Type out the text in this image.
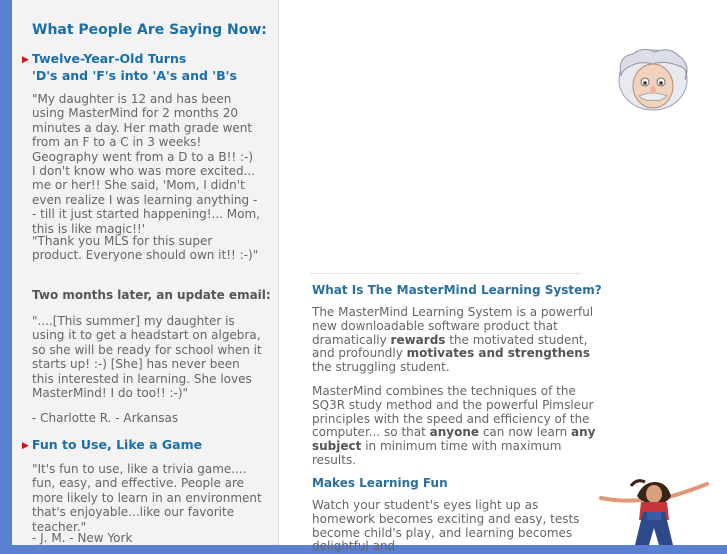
What People Are Saying Now:
▶ Twelve-Year-Old Turns
'D's and 'F's into 'A's and 'B's

"My daughter is 12 and has been using MasterMind for 2 months 20 minutes a day. Her math grade went from an F to a C in 3 weeks! Geography went from a D to a B!! :-) I don't know who was more excited... me or her!! She said, 'Mom, I didn't even realize I was learning anything -- till it just started happening!... Mom, this is like magic!!'

"Thank you MLS for this super product. Everyone should own it!! :-)"

Two months later, an update email:

"....[This summer] my daughter is using it to get a headstart on algebra, so she will be ready for school when it starts up! :-) [She] has never been this interested in learning. She loves MasterMind! I do too!! :-)"

- Charlotte R. - Arkansas

▶ Fun to Use, Like a Game

"It's fun to use, like a trivia game.... fun, easy, and effective. People are more likely to learn in an environment that's enjoyable...like our favorite teacher."

- J. M. - New York

What Is The MasterMind Learning System?

The MasterMind Learning System is a powerful new downloadable software product that dramatically rewards the motivated student, and profoundly motivates and strengthens the struggling student.

MasterMind combines the techniques of the SQ3R study method and the powerful Pimsleur principles with the speed and efficiency of the computer... so that anyone can now learn any subject in minimum time with maximum results.

Makes Learning Fun

Watch your student's eyes light up as homework becomes exciting and easy, tests become child's play, and learning becomes delightful and
